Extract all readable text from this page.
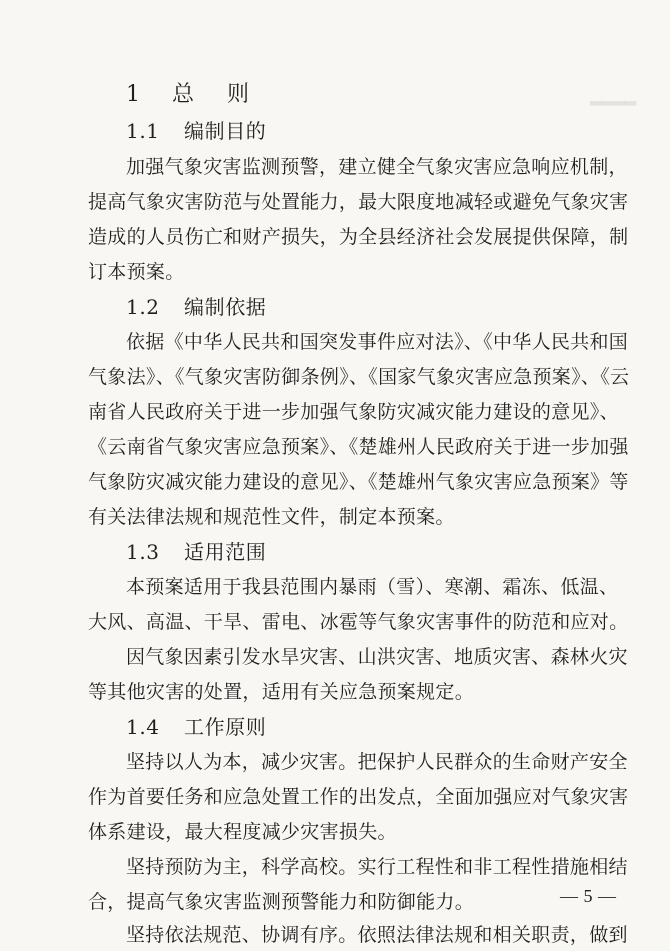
▂▂▂▂
1 总 则
1.1 编制目的
加强气象灾害监测预警，建立健全气象灾害应急响应机制，
提高气象灾害防范与处置能力，最大限度地减轻或避免气象灾害
造成的人员伤亡和财产损失，为全县经济社会发展提供保障，制
订本预案。
1.2 编制依据
依据《中华人民共和国突发事件应对法》、《中华人民共和国
气象法》、《气象灾害防御条例》、《国家气象灾害应急预案》、《云
南省人民政府关于进一步加强气象防灾减灾能力建设的意见》、
《云南省气象灾害应急预案》、《楚雄州人民政府关于进一步加强
气象防灾减灾能力建设的意见》、《楚雄州气象灾害应急预案》等
有关法律法规和规范性文件，制定本预案。
1.3 适用范围
本预案适用于我县范围内暴雨（雪）、寒潮、霜冻、低温、
大风、高温、干旱、雷电、冰雹等气象灾害事件的防范和应对。
因气象因素引发水旱灾害、山洪灾害、地质灾害、森林火灾
等其他灾害的处置，适用有关应急预案规定。
1.4 工作原则
坚持以人为本，减少灾害。把保护人民群众的生命财产安全
作为首要任务和应急处置工作的出发点，全面加强应对气象灾害
体系建设，最大程度减少灾害损失。
坚持预防为主，科学高校。实行工程性和非工程性措施相结
合，提高气象灾害监测预警能力和防御能力。	— 5 —
坚持依法规范、协调有序。依照法律法规和相关职责，做到
